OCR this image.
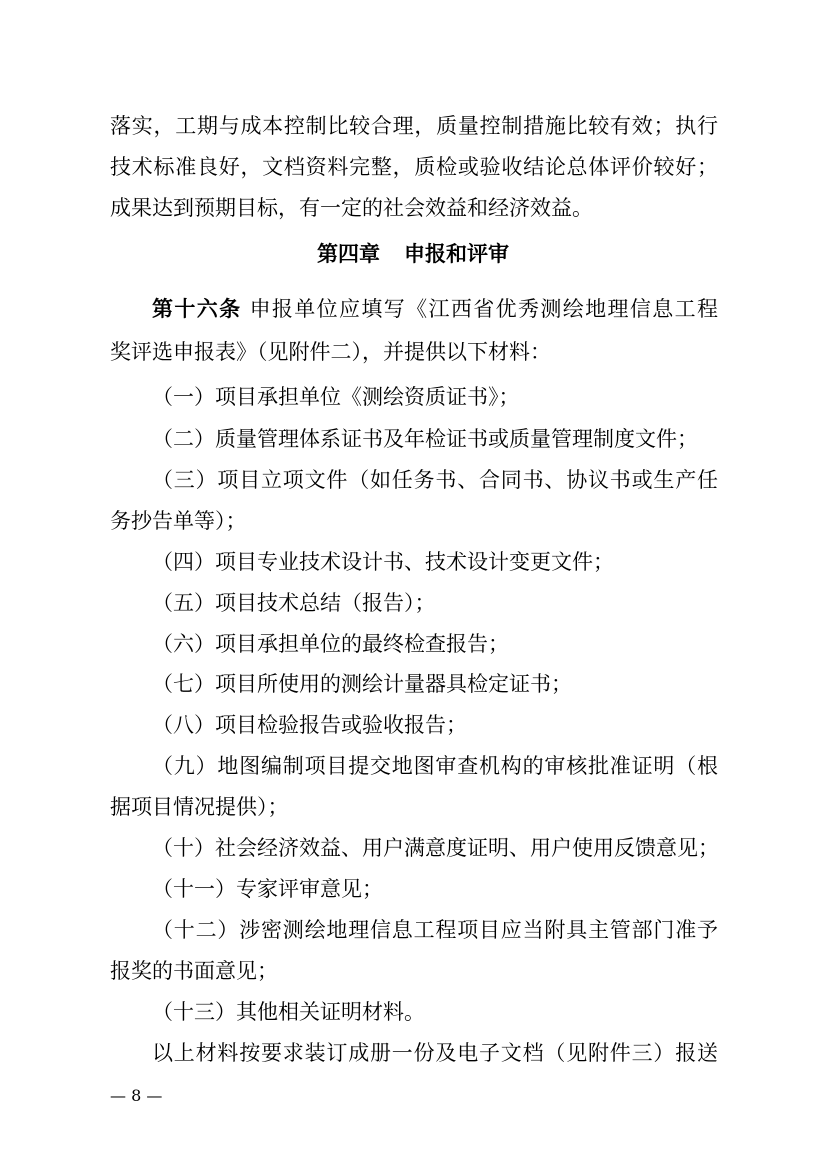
落实，工期与成本控制比较合理，质量控制措施比较有效；执行
技术标准良好，文档资料完整，质检或验收结论总体评价较好；
成果达到预期目标，有一定的社会效益和经济效益。
第四章 申报和评审
第十六条 申报单位应填写《江西省优秀测绘地理信息工程
奖评选申报表》（见附件二），并提供以下材料：
（一）项目承担单位《测绘资质证书》；
（二）质量管理体系证书及年检证书或质量管理制度文件；
（三）项目立项文件（如任务书、合同书、协议书或生产任
务抄告单等）；
（四）项目专业技术设计书、技术设计变更文件；
（五）项目技术总结（报告）；
（六）项目承担单位的最终检查报告；
（七）项目所使用的测绘计量器具检定证书；
（八）项目检验报告或验收报告；
（九）地图编制项目提交地图审查机构的审核批准证明（根
据项目情况提供）；
（十）社会经济效益、用户满意度证明、用户使用反馈意见；
（十一）专家评审意见；
（十二）涉密测绘地理信息工程项目应当附具主管部门准予
报奖的书面意见；
（十三）其他相关证明材料。
以上材料按要求装订成册一份及电子文档（见附件三）报送
— 8 —
